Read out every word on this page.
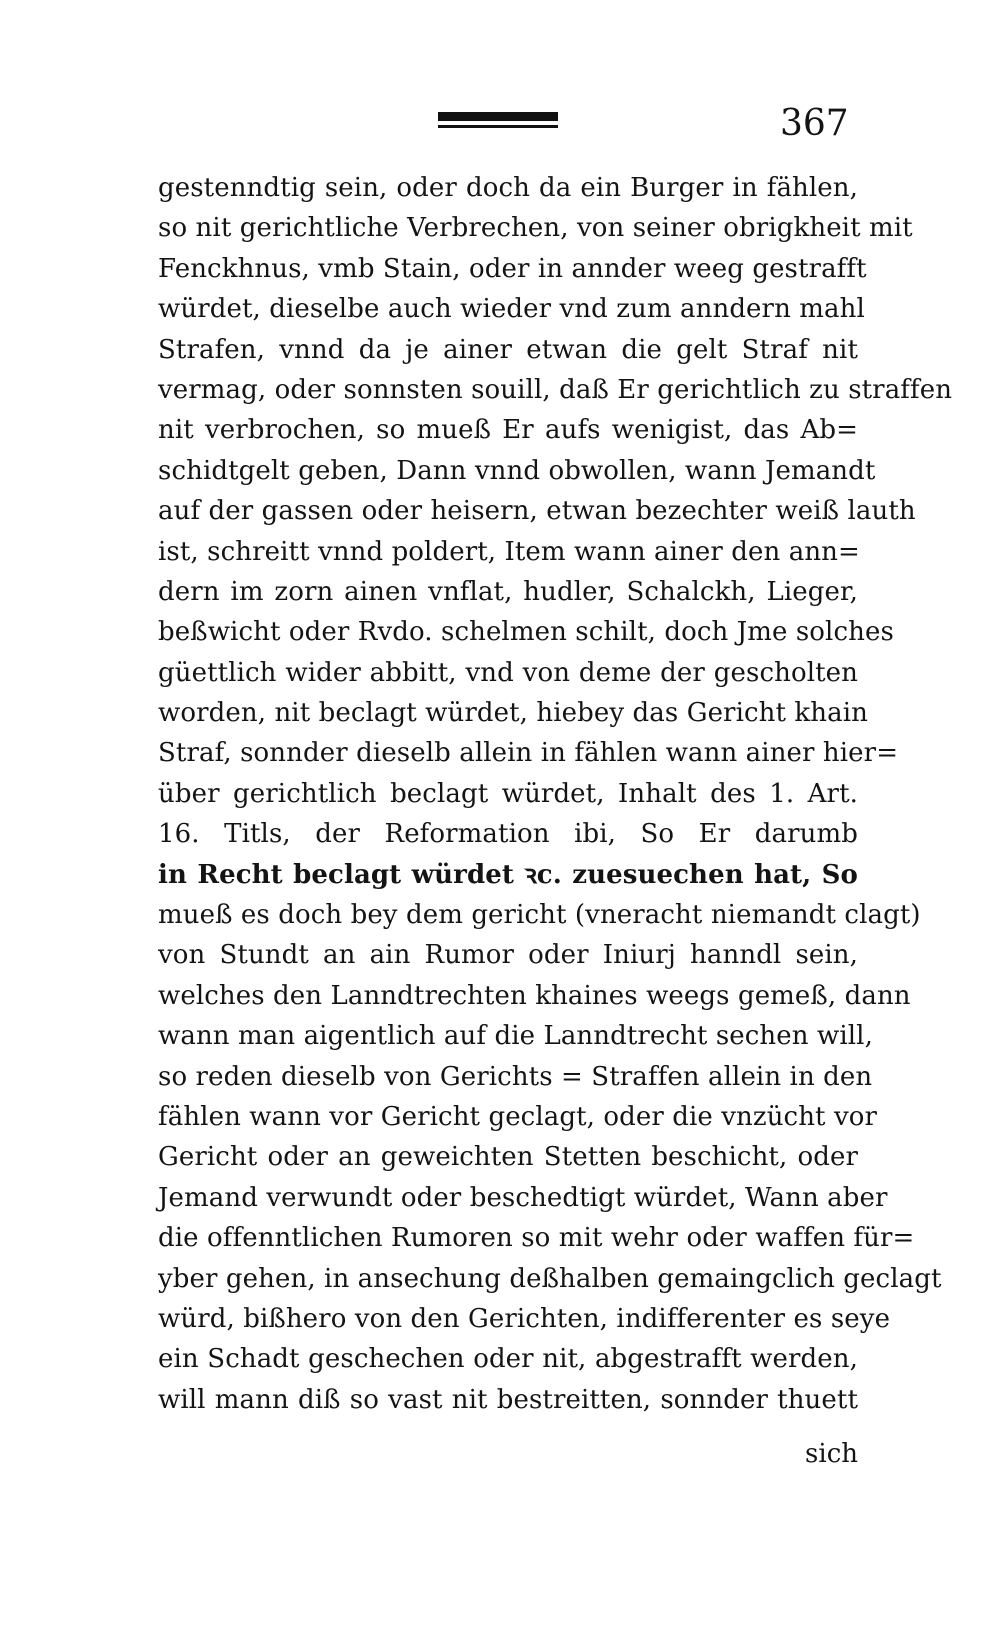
367
gestenndtig sein, oder doch da ein Burger in fählen,
so nit gerichtliche Verbrechen, von seiner obrigkheit mit
Fenckhnus, vmb Stain, oder in annder weeg gestrafft
würdet, dieselbe auch wieder vnd zum anndern mahl
Strafen, vnnd da je ainer etwan die gelt Straf nit
vermag, oder sonnsten souill, daß Er gerichtlich zu straffen
nit verbrochen, so mueß Er aufs wenigist, das Ab=
schidtgelt geben, Dann vnnd obwollen, wann Jemandt
auf der gassen oder heisern, etwan bezechter weiß lauth
ist, schreitt vnnd poldert, Item wann ainer den ann=
dern im zorn ainen vnflat, hudler, Schalckh, Lieger,
beßwicht oder Rvdo. schelmen schilt, doch Jme solches
güettlich wider abbitt, vnd von deme der gescholten
worden, nit beclagt würdet, hiebey das Gericht khain
Straf, sonnder dieselb allein in fählen wann ainer hier=
über gerichtlich beclagt würdet, Inhalt des 1. Art.
16. Titls, der Reformation ibi, So Er darumb
in Recht beclagt würdet ꝛc. zuesuechen hat, So
mueß es doch bey dem gericht (vneracht niemandt clagt)
von Stundt an ain Rumor oder Iniurj hanndl sein,
welches den Lanndtrechten khaines weegs gemeß, dann
wann man aigentlich auf die Lanndtrecht sechen will,
so reden dieselb von Gerichts = Straffen allein in den
fählen wann vor Gericht geclagt, oder die vnzücht vor
Gericht oder an geweichten Stetten beschicht, oder
Jemand verwundt oder beschedtigt würdet, Wann aber
die offenntlichen Rumoren so mit wehr oder waffen für=
yber gehen, in ansechung deßhalben gemaingclich geclagt
würd, bißhero von den Gerichten, indifferenter es seye
ein Schadt geschechen oder nit, abgestrafft werden,
will mann diß so vast nit bestreitten, sonnder thuett
sich
